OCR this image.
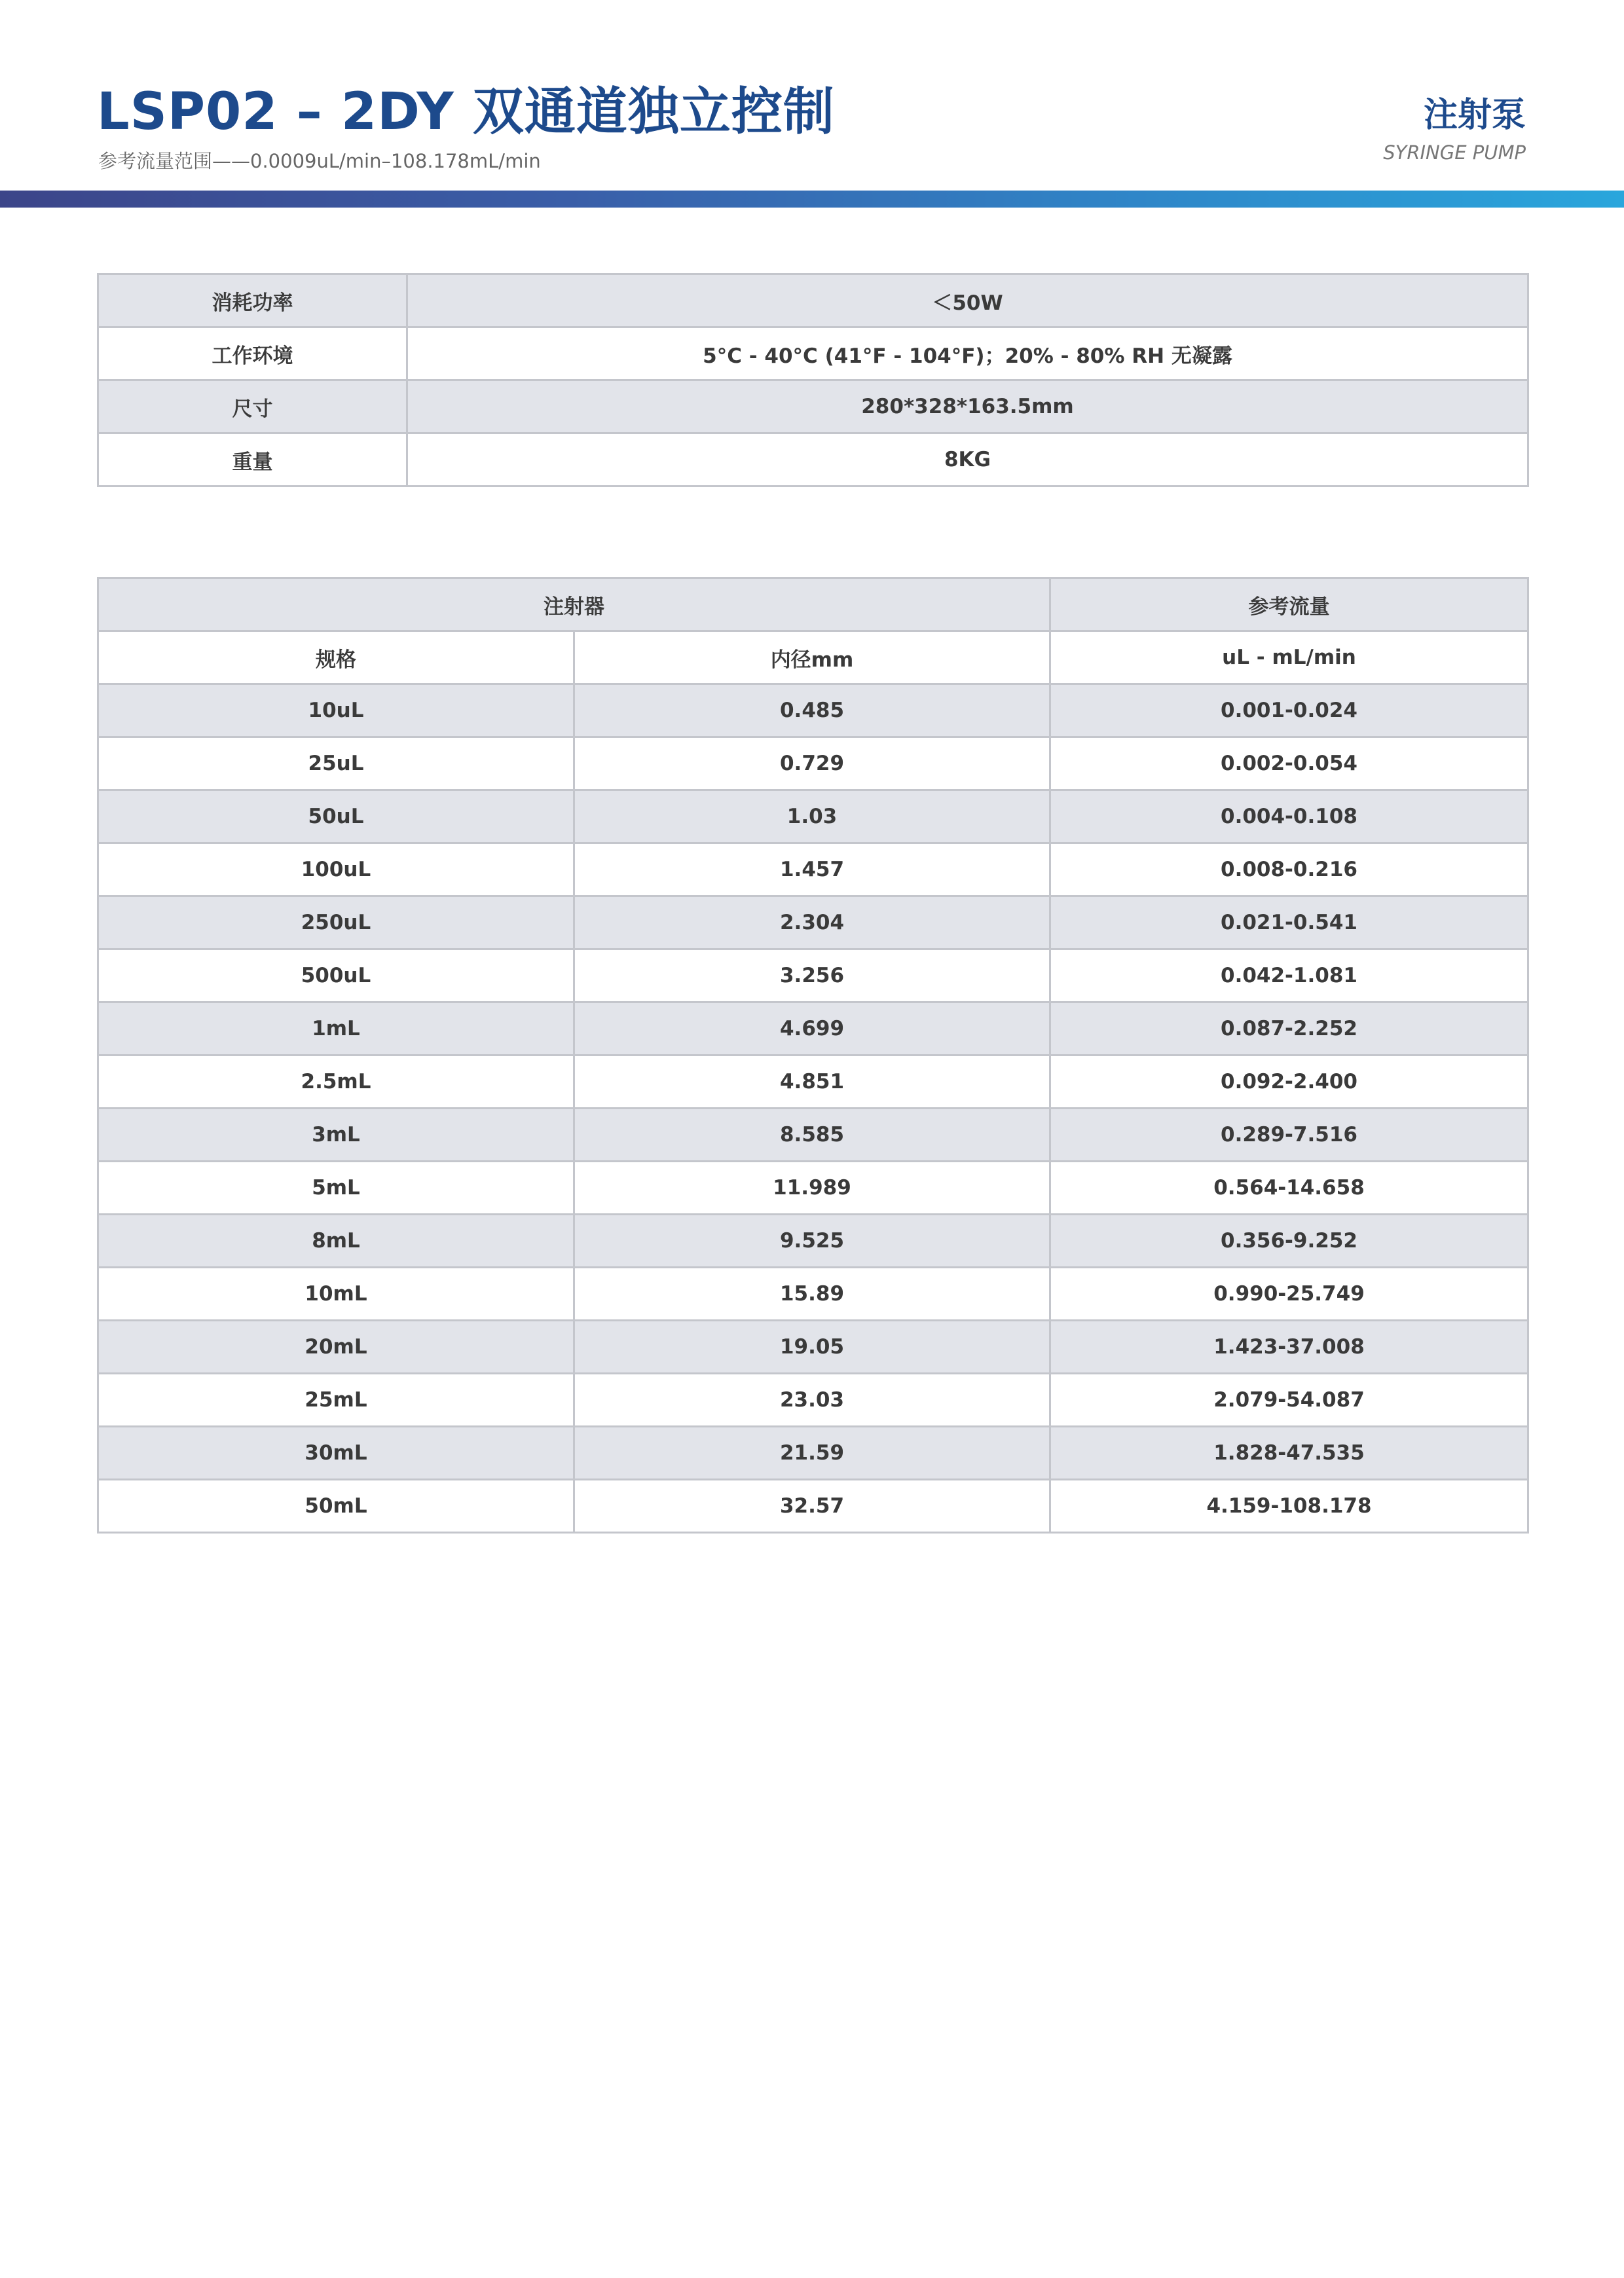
LSP02 – 2DY 双通道独立控制
参考流量范围——0.0009uL/min–108.178mL/min
注射泵
SYRINGE PUMP
消耗功率	＜50W
工作环境	5°C - 40°C (41°F - 104°F)；20% - 80% RH 无凝露
尺寸	280*328*163.5mm
重量	8KG
注射器		参考流量
规格	内径mm	uL - mL/min
10uL	0.485	0.001-0.024
25uL	0.729	0.002-0.054
50uL	1.03	0.004-0.108
100uL	1.457	0.008-0.216
250uL	2.304	0.021-0.541
500uL	3.256	0.042-1.081
1mL	4.699	0.087-2.252
2.5mL	4.851	0.092-2.400
3mL	8.585	0.289-7.516
5mL	11.989	0.564-14.658
8mL	9.525	0.356-9.252
10mL	15.89	0.990-25.749
20mL	19.05	1.423-37.008
25mL	23.03	2.079-54.087
30mL	21.59	1.828-47.535
50mL	32.57	4.159-108.178
